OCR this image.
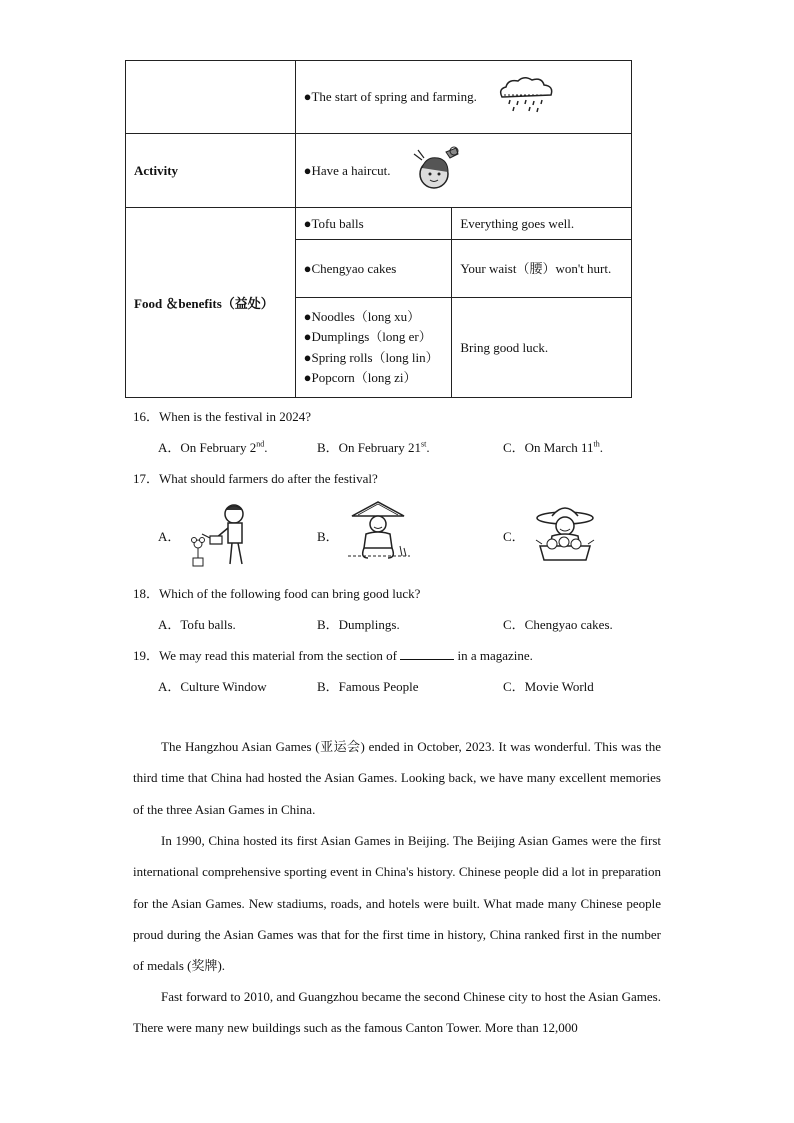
	●The start of spring and farming.	

Activity	●Have a haircut.	

Food ＆benefits（益处）	●Tofu balls	Everything goes well.
	●Chengyao cakes	Your waist（腰）won't hurt.
	●Noodles（long xu）
●Dumplings（long er）
●Spring rolls（long lin）
●Popcorn（long zi）	Bring good luck.
16．When is the festival in 2024?
A．On February 2nd.	B．On February 21st.	C．On March 11th.
17．What should farmers do after the festival?
A．	B．	C．
18．Which of the following food can bring good luck?
A．Tofu balls.	B．Dumplings.	C．Chengyao cakes.
19．We may read this material from the section of	in a magazine.
A．Culture Window	B．Famous People	C．Movie World
The Hangzhou Asian Games (亚运会) ended in October, 2023. It was wonderful. This was the third time that China had hosted the Asian Games. Looking back, we have many excellent memories of the three Asian Games in China.
In 1990, China hosted its first Asian Games in Beijing. The Beijing Asian Games were the first international comprehensive sporting event in China's history. Chinese people did a lot in preparation for the Asian Games. New stadiums, roads, and hotels were built. What made many Chinese people proud during the Asian Games was that for the first time in history, China ranked first in the number of medals (奖牌).
Fast forward to 2010, and Guangzhou became the second Chinese city to host the Asian Games. There were many new buildings such as the famous Canton Tower. More than 12,000
